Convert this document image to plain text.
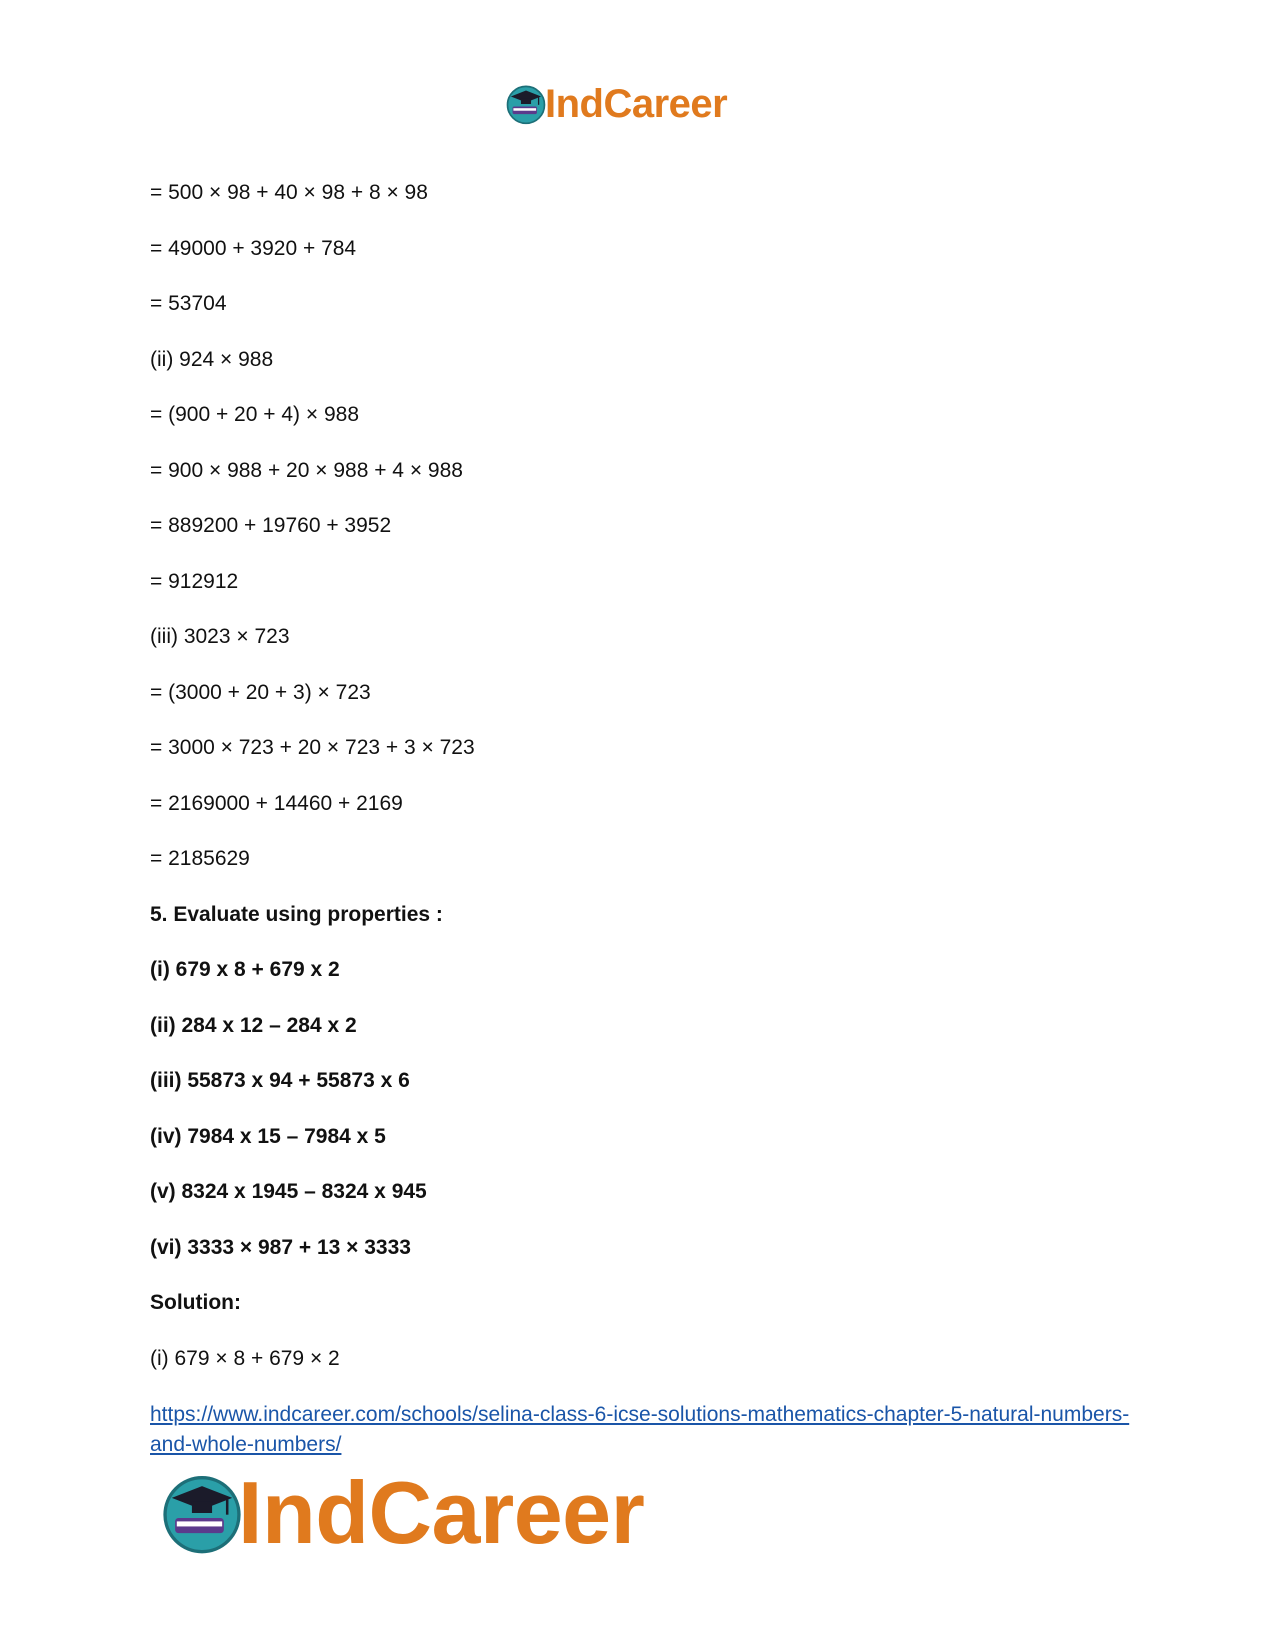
IndCareer
= 500 × 98 + 40 × 98 + 8 × 98
= 49000 + 3920 + 784
= 53704
(ii) 924 × 988
= (900 + 20 + 4) × 988
= 900 × 988 + 20 × 988 + 4 × 988
= 889200 + 19760 + 3952
= 912912
(iii) 3023 × 723
= (3000 + 20 + 3) × 723
= 3000 × 723 + 20 × 723 + 3 × 723
= 2169000 + 14460 + 2169
= 2185629
5. Evaluate using properties :
(i) 679 x 8 + 679 x 2
(ii) 284 x 12 – 284 x 2
(iii) 55873 x 94 + 55873 x 6
(iv) 7984 x 15 – 7984 x 5
(v) 8324 x 1945 – 8324 x 945
(vi) 3333 × 987 + 13 × 3333
Solution:
(i) 679 × 8 + 679 × 2
https://www.indcareer.com/schools/selina-class-6-icse-solutions-mathematics-chapter-5-natural-numbers-and-whole-numbers/
IndCareer
